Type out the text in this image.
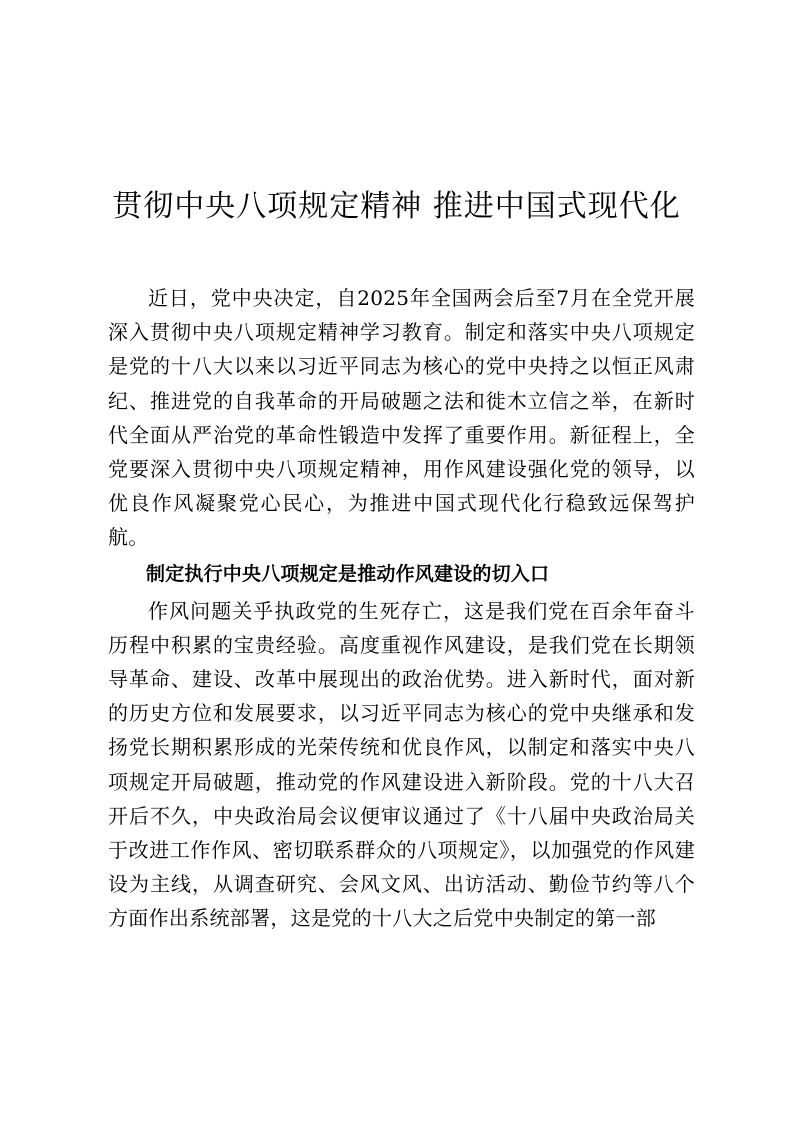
贯彻中央八项规定精神 推进中国式现代化

近日，党中央决定，自2025年全国两会后至7月在全党开展深入贯彻中央八项规定精神学习教育。制定和落实中央八项规定是党的十八大以来以习近平同志为核心的党中央持之以恒正风肃纪、推进党的自我革命的开局破题之法和徙木立信之举，在新时代全面从严治党的革命性锻造中发挥了重要作用。新征程上，全党要深入贯彻中央八项规定精神，用作风建设强化党的领导，以优良作风凝聚党心民心，为推进中国式现代化行稳致远保驾护航。

制定执行中央八项规定是推动作风建设的切入口

作风问题关乎执政党的生死存亡，这是我们党在百余年奋斗历程中积累的宝贵经验。高度重视作风建设，是我们党在长期领导革命、建设、改革中展现出的政治优势。进入新时代，面对新的历史方位和发展要求，以习近平同志为核心的党中央继承和发扬党长期积累形成的光荣传统和优良作风，以制定和落实中央八项规定开局破题，推动党的作风建设进入新阶段。党的十八大召开后不久，中央政治局会议便审议通过了《十八届中央政治局关于改进工作作风、密切联系群众的八项规定》，以加强党的作风建设为主线，从调查研究、会风文风、出访活动、勤俭节约等八个方面作出系统部署，这是党的十八大之后党中央制定的第一部
